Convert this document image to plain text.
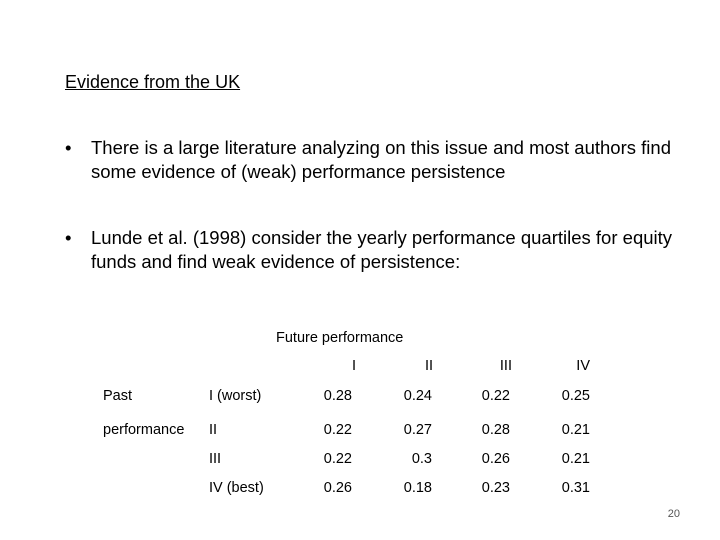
Evidence from the UK
• There is a large literature analyzing on this issue and most authors find some evidence of (weak) performance persistence
• Lunde et al. (1998) consider the yearly performance quartiles for equity funds and find weak evidence of persistence:
Future performance
I	II	III	IV
Past
performance
I (worst)	0.28	0.24	0.22	0.25
II	0.22	0.27	0.28	0.21
III	0.22	0.3	0.26	0.21
IV (best)	0.26	0.18	0.23	0.31
20
